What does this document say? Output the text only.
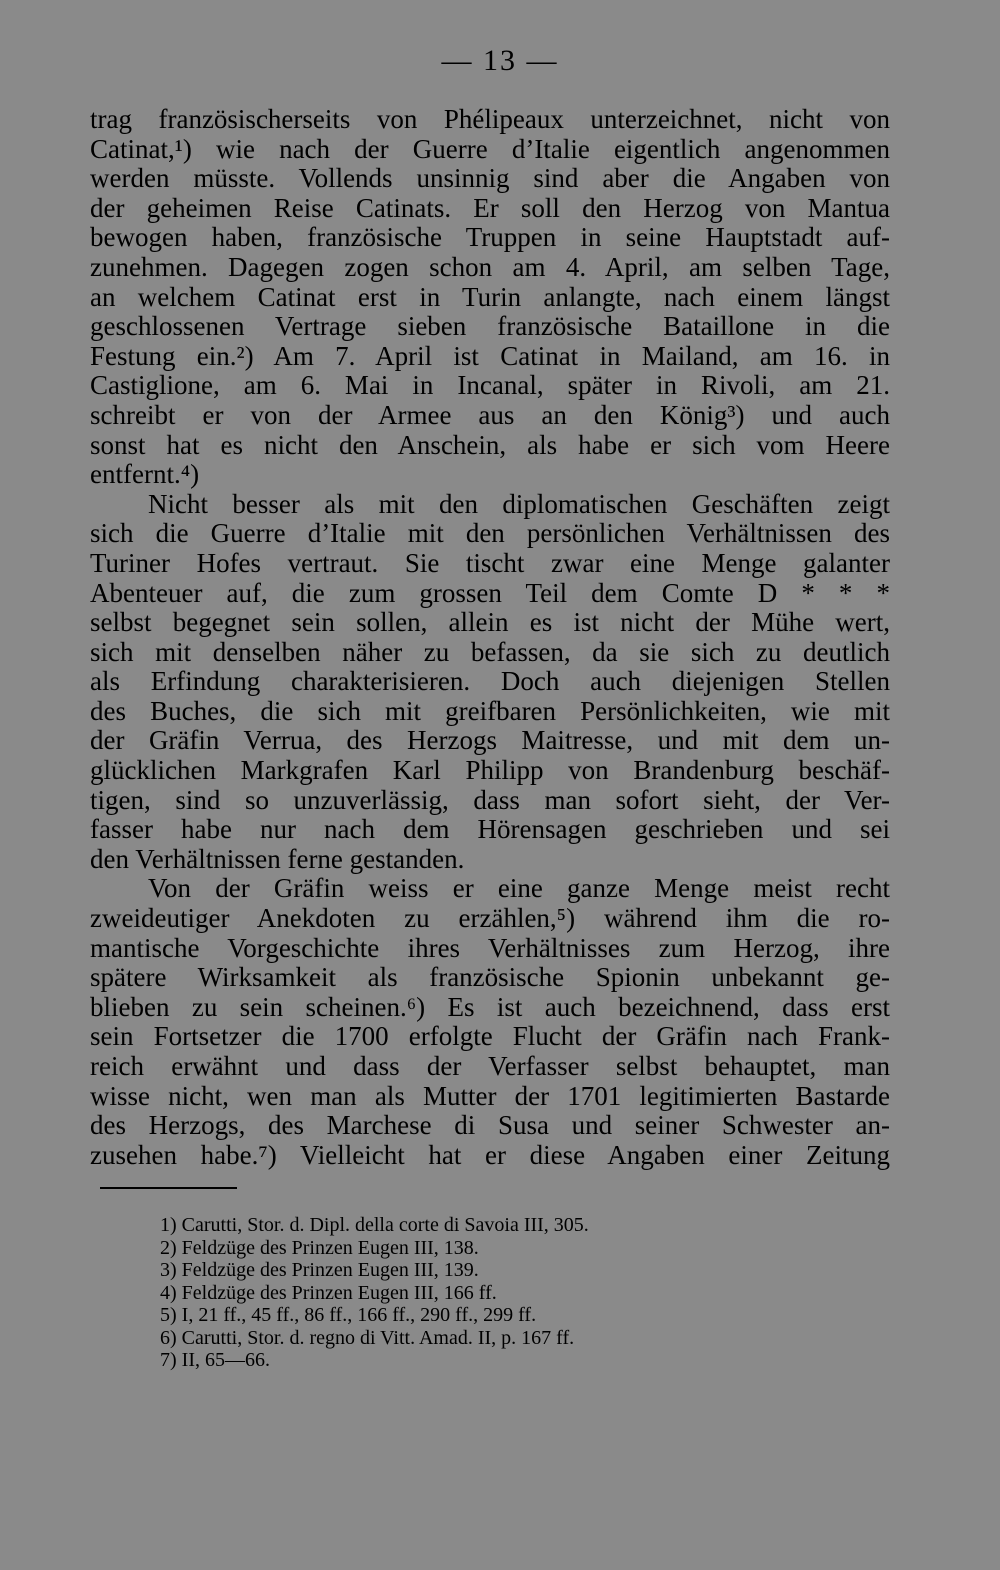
— 13 —
trag französischerseits von Phélipeaux unterzeichnet, nicht von
Catinat,¹) wie nach der Guerre d’Italie eigentlich angenommen
werden müsste. Vollends unsinnig sind aber die Angaben von
der geheimen Reise Catinats. Er soll den Herzog von Mantua
bewogen haben, französische Truppen in seine Hauptstadt auf-
zunehmen. Dagegen zogen schon am 4. April, am selben Tage,
an welchem Catinat erst in Turin anlangte, nach einem längst
geschlossenen Vertrage sieben französische Bataillone in die
Festung ein.²) Am 7. April ist Catinat in Mailand, am 16. in
Castiglione, am 6. Mai in Incanal, später in Rivoli, am 21.
schreibt er von der Armee aus an den König³) und auch
sonst hat es nicht den Anschein, als habe er sich vom Heere
entfernt.⁴)
Nicht besser als mit den diplomatischen Geschäften zeigt
sich die Guerre d’Italie mit den persönlichen Verhältnissen des
Turiner Hofes vertraut. Sie tischt zwar eine Menge galanter
Abenteuer auf, die zum grossen Teil dem Comte D * * *
selbst begegnet sein sollen, allein es ist nicht der Mühe wert,
sich mit denselben näher zu befassen, da sie sich zu deutlich
als Erfindung charakterisieren. Doch auch diejenigen Stellen
des Buches, die sich mit greifbaren Persönlichkeiten, wie mit
der Gräfin Verrua, des Herzogs Maitresse, und mit dem un-
glücklichen Markgrafen Karl Philipp von Brandenburg beschäf-
tigen, sind so unzuverlässig, dass man sofort sieht, der Ver-
fasser habe nur nach dem Hörensagen geschrieben und sei
den Verhältnissen ferne gestanden.
Von der Gräfin weiss er eine ganze Menge meist recht
zweideutiger Anekdoten zu erzählen,⁵) während ihm die ro-
mantische Vorgeschichte ihres Verhältnisses zum Herzog, ihre
spätere Wirksamkeit als französische Spionin unbekannt ge-
blieben zu sein scheinen.⁶) Es ist auch bezeichnend, dass erst
sein Fortsetzer die 1700 erfolgte Flucht der Gräfin nach Frank-
reich erwähnt und dass der Verfasser selbst behauptet, man
wisse nicht, wen man als Mutter der 1701 legitimierten Bastarde
des Herzogs, des Marchese di Susa und seiner Schwester an-
zusehen habe.⁷) Vielleicht hat er diese Angaben einer Zeitung
1) Carutti, Stor. d. Dipl. della corte di Savoia III, 305.
2) Feldzüge des Prinzen Eugen III, 138.
3) Feldzüge des Prinzen Eugen III, 139.
4) Feldzüge des Prinzen Eugen III, 166 ff.
5) I, 21 ff., 45 ff., 86 ff., 166 ff., 290 ff., 299 ff.
6) Carutti, Stor. d. regno di Vitt. Amad. II, p. 167 ff.
7) II, 65—66.
